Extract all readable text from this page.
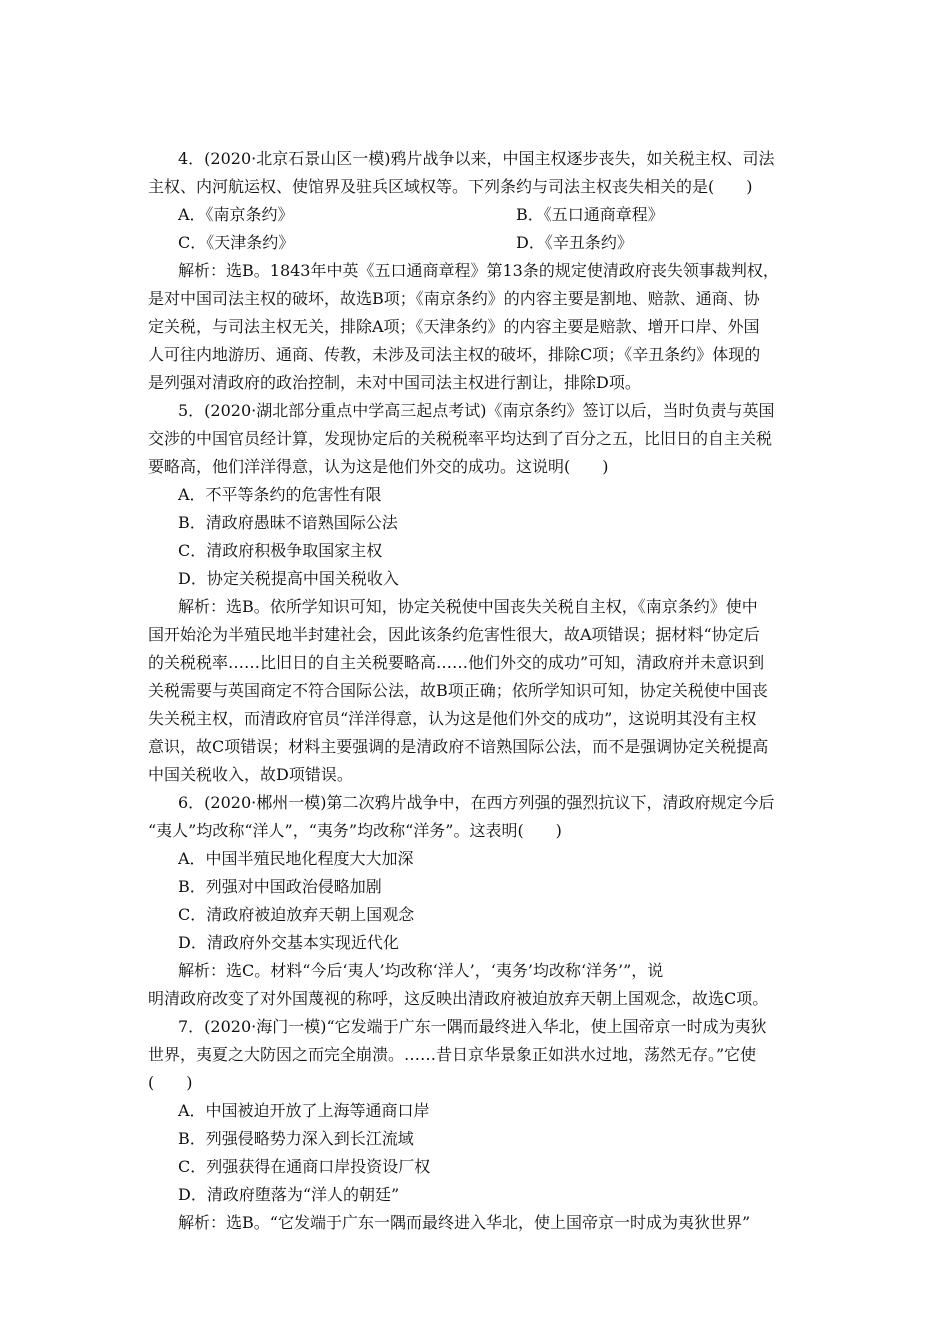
4．(2020·北京石景山区一模)鸦片战争以来，中国主权逐步丧失，如关税主权、司法
主权、内河航运权、使馆界及驻兵区域权等。下列条约与司法主权丧失相关的是(　　)
A．《南京条约》	B．《五口通商章程》
C．《天津条约》	D．《辛丑条约》
解析：选B。1843年中英《五口通商章程》第13条的规定使清政府丧失领事裁判权，
是对中国司法主权的破坏，故选B项；《南京条约》的内容主要是割地、赔款、通商、协
定关税，与司法主权无关，排除A项；《天津条约》的内容主要是赔款、增开口岸、外国
人可往内地游历、通商、传教，未涉及司法主权的破坏，排除C项；《辛丑条约》体现的
是列强对清政府的政治控制，未对中国司法主权进行割让，排除D项。
5．(2020·湖北部分重点中学高三起点考试)《南京条约》签订以后，当时负责与英国
交涉的中国官员经计算，发现协定后的关税税率平均达到了百分之五，比旧日的自主关税
要略高，他们洋洋得意，认为这是他们外交的成功。这说明(　　)
A．不平等条约的危害性有限
B．清政府愚昧不谙熟国际公法
C．清政府积极争取国家主权
D．协定关税提高中国关税收入
解析：选B。依所学知识可知，协定关税使中国丧失关税自主权，《南京条约》使中
国开始沦为半殖民地半封建社会，因此该条约危害性很大，故A项错误；据材料“协定后
的关税税率……比旧日的自主关税要略高……他们外交的成功”可知，清政府并未意识到
关税需要与英国商定不符合国际公法，故B项正确；依所学知识可知，协定关税使中国丧
失关税主权，而清政府官员“洋洋得意，认为这是他们外交的成功”，这说明其没有主权
意识，故C项错误；材料主要强调的是清政府不谙熟国际公法，而不是强调协定关税提高
中国关税收入，故D项错误。
6．(2020·郴州一模)第二次鸦片战争中，在西方列强的强烈抗议下，清政府规定今后
“夷人”均改称“洋人”，“夷务”均改称“洋务”。这表明(　　)
A．中国半殖民地化程度大大加深
B．列强对中国政治侵略加剧
C．清政府被迫放弃天朝上国观念
D．清政府外交基本实现近代化
解析：选C。材料“今后‘夷人’均改称‘洋人’，‘夷务’均改称‘洋务’”，说
明清政府改变了对外国蔑视的称呼，这反映出清政府被迫放弃天朝上国观念，故选C项。
7．(2020·海门一模)“它发端于广东一隅而最终进入华北，使上国帝京一时成为夷狄
世界，夷夏之大防因之而完全崩溃。……昔日京华景象正如洪水过地，荡然无存。”它使
(　　)
A．中国被迫开放了上海等通商口岸
B．列强侵略势力深入到长江流域
C．列强获得在通商口岸投资设厂权
D．清政府堕落为“洋人的朝廷”
解析：选B。“它发端于广东一隅而最终进入华北，使上国帝京一时成为夷狄世界”
